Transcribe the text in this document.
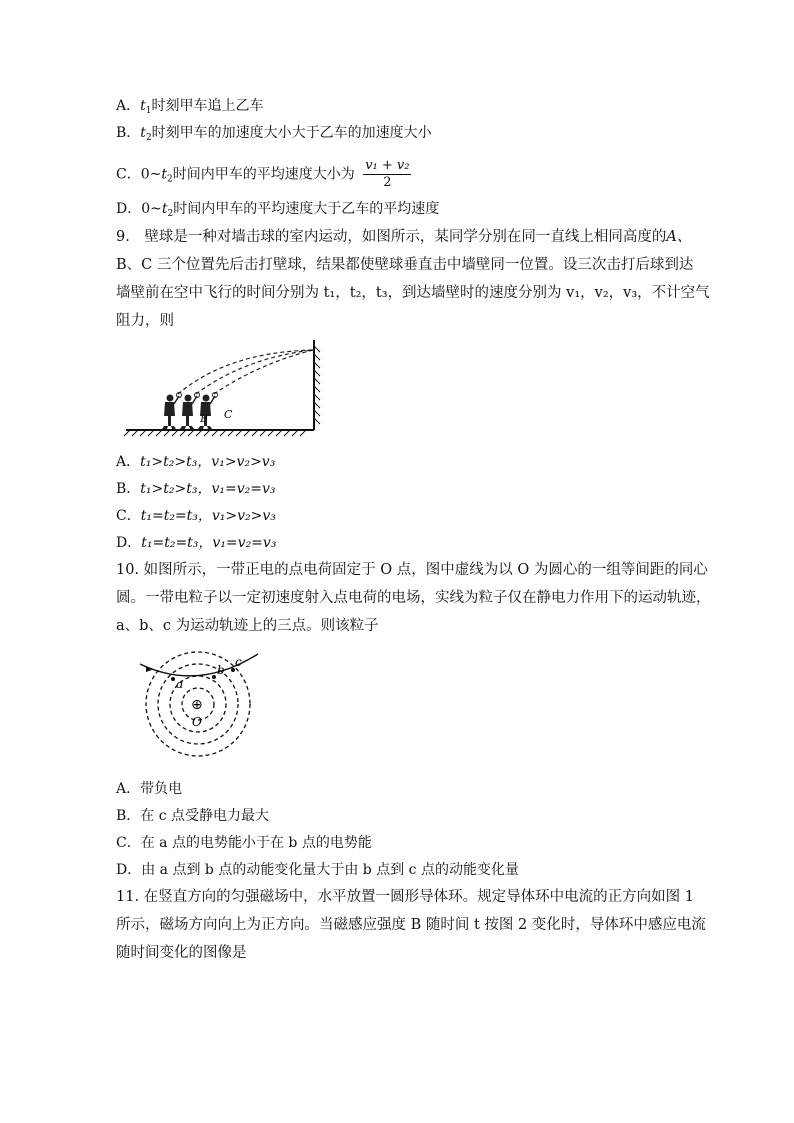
A．$t_1$时刻甲车追上乙车
B．$t_2$时刻甲车的加速度大小大于乙车的加速度大小
C．$0\sim t_2$时间内甲车的平均速度大小为 $\frac{\text{v₁ + v₂}}{2}$
D．$0\sim t_2$时间内甲车的平均速度大于乙车的平均速度
9.　壁球是一种对墙击球的室内运动，如图所示，某同学分别在同一直线上相同高度的A、
B、C 三个位置先后击打壁球，结果都使壁球垂直击中墙壁同一位置。设三次击打后球到达
墙壁前在空中飞行的时间分别为 t₁，t₂，t₃，到达墙壁时的速度分别为 v₁，v₂，v₃，不计空气
阻力，则
A B C
A．t₁>t₂>t₃，v₁>v₂>v₃
B．t₁>t₂>t₃，v₁=v₂=v₃
C．t₁=t₂=t₃，v₁>v₂>v₃
D．t₁=t₂=t₃，v₁=v₂=v₃
10. 如图所示，一带正电的点电荷固定于 O 点，图中虚线为以 O 为圆心的一组等间距的同心
圆。一带电粒子以一定初速度射入点电荷的电场，实线为粒子仅在静电力作用下的运动轨迹，
a、b、c 为运动轨迹上的三点。则该粒子
a
b
c
⊕
O
A．带负电
B．在 c 点受静电力最大
C．在 a 点的电势能小于在 b 点的电势能
D．由 a 点到 b 点的动能变化量大于由 b 点到 c 点的动能变化量
11. 在竖直方向的匀强磁场中，水平放置一圆形导体环。规定导体环中电流的正方向如图 1
所示，磁场方向向上为正方向。当磁感应强度 B 随时间 t 按图 2 变化时，导体环中感应电流
随时间变化的图像是
